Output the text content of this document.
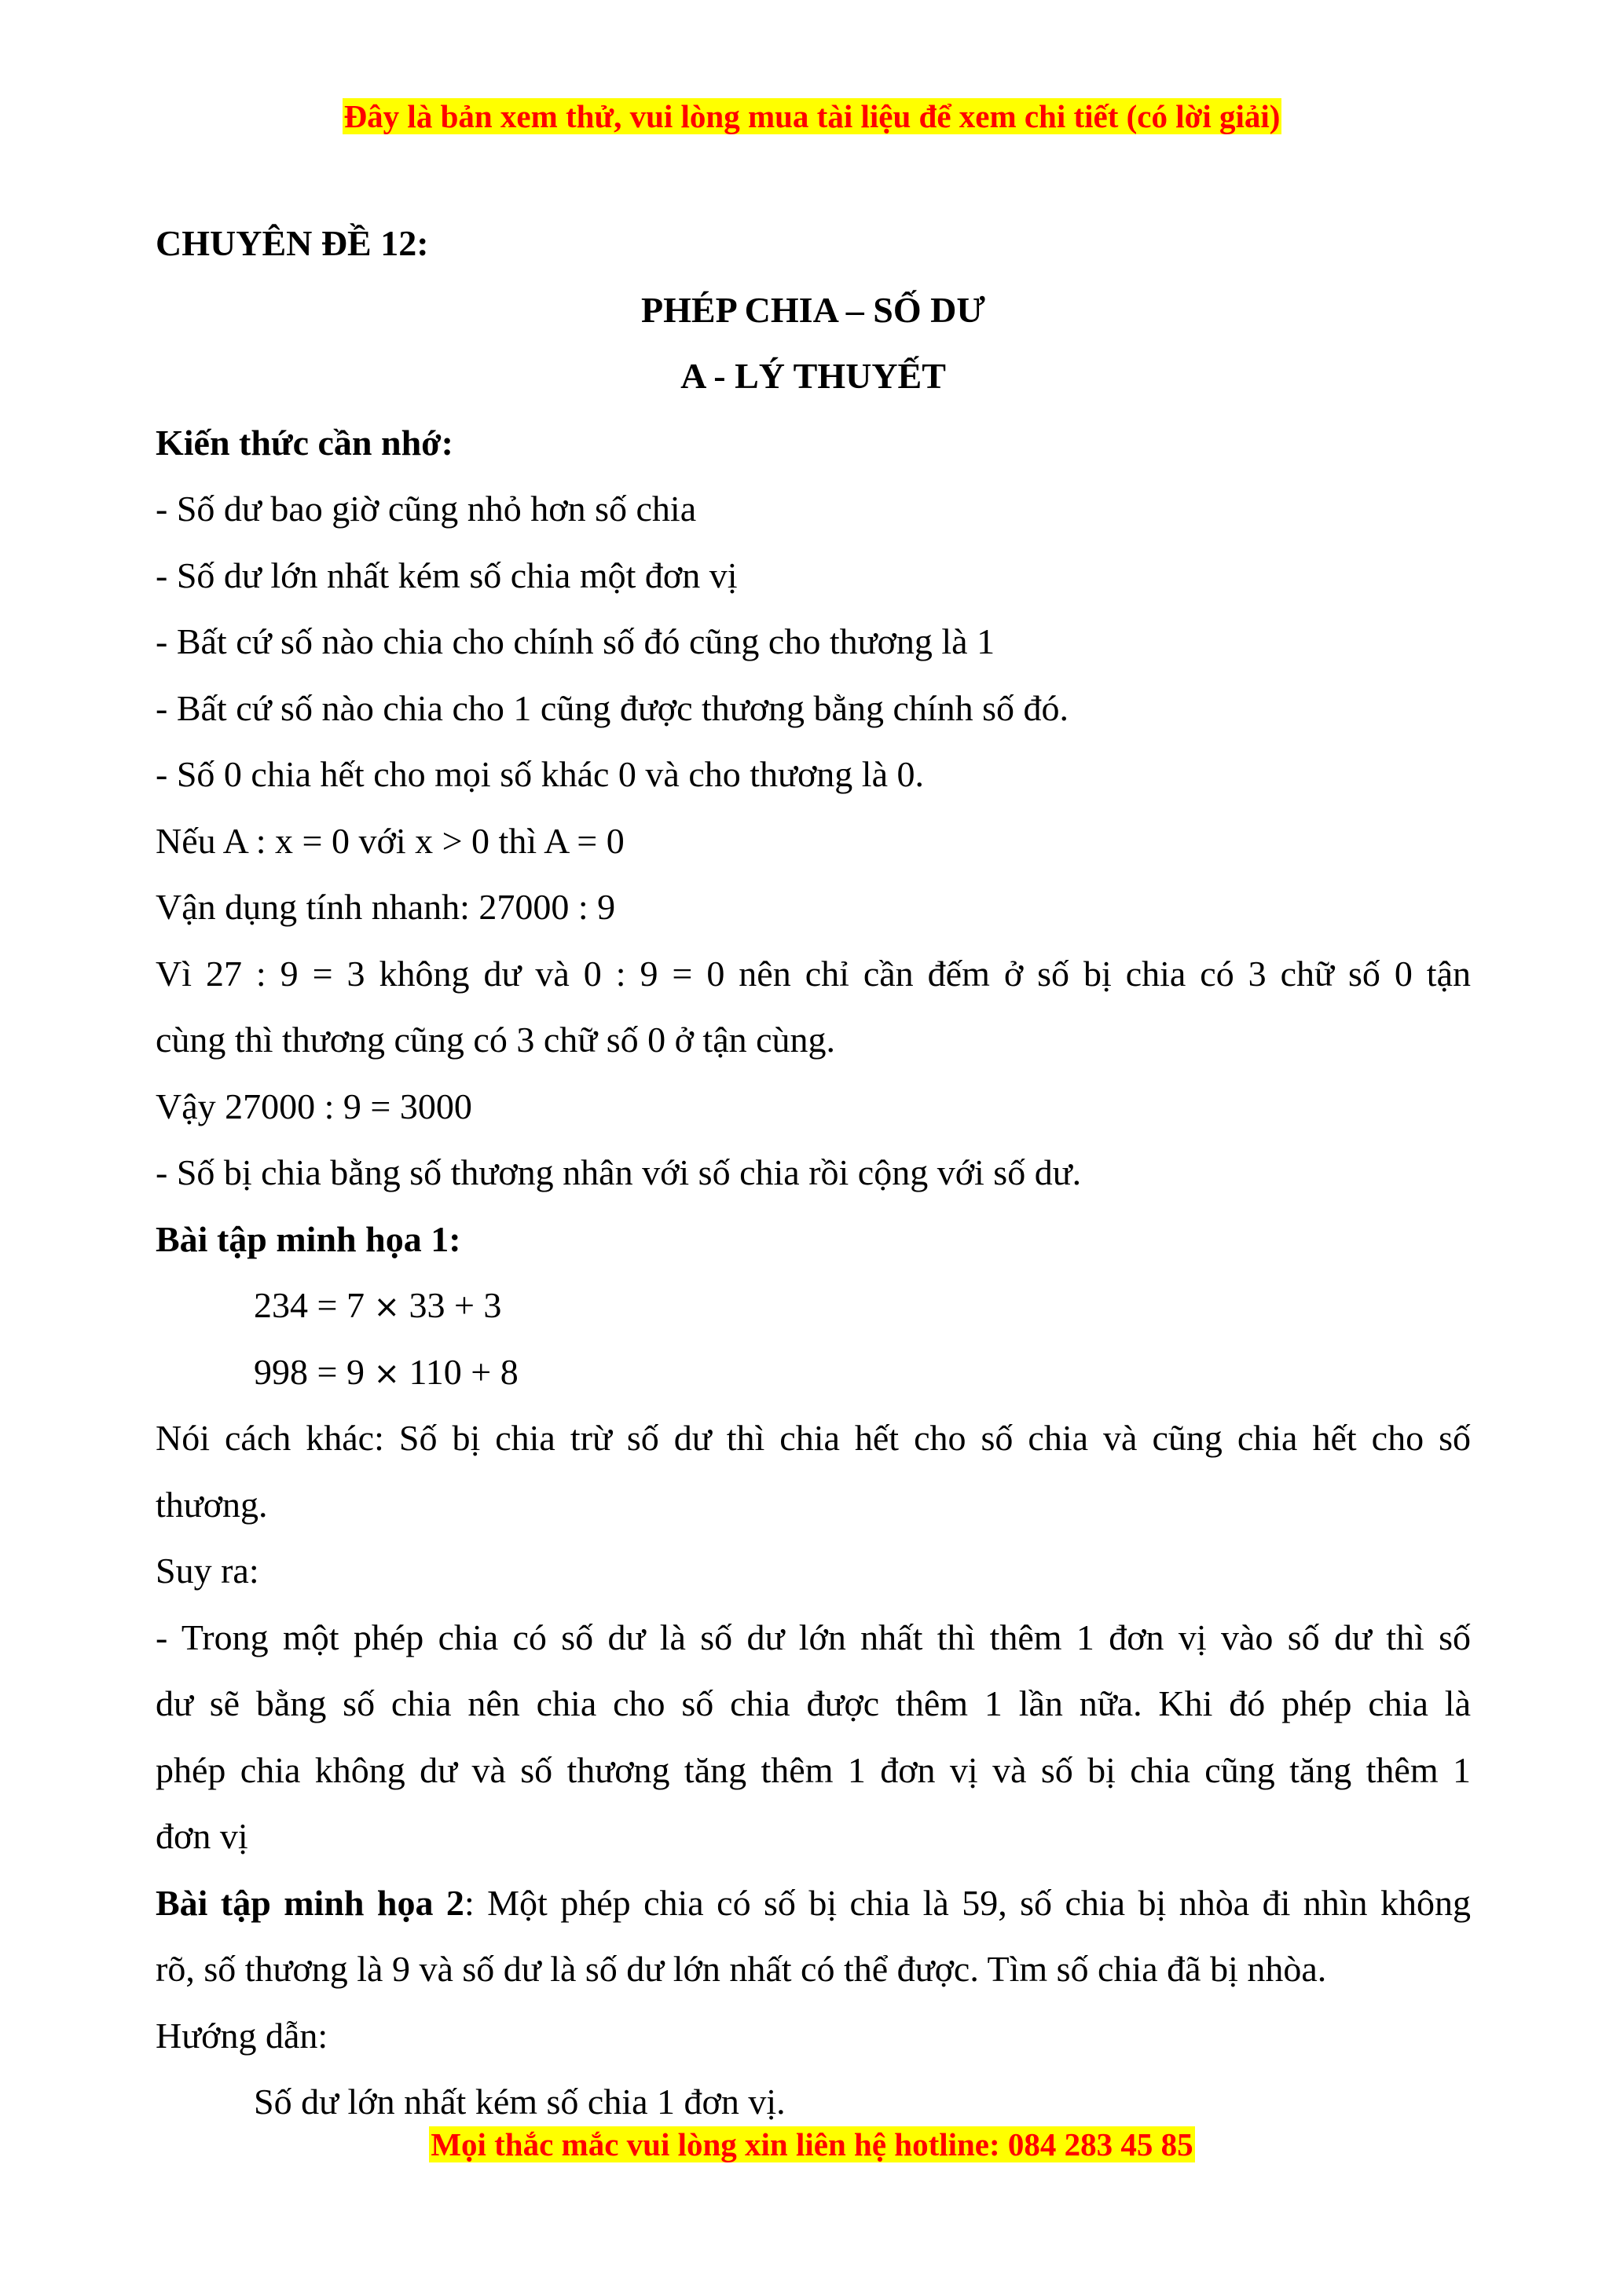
Đây là bản xem thử, vui lòng mua tài liệu để xem chi tiết (có lời giải)
CHUYÊN ĐỀ 12:
PHÉP CHIA – SỐ DƯ
A - LÝ THUYẾT
Kiến thức cần nhớ:
- Số dư bao giờ cũng nhỏ hơn số chia
- Số dư lớn nhất kém số chia một đơn vị
- Bất cứ số nào chia cho chính số đó cũng cho thương là 1
- Bất cứ số nào chia cho 1 cũng được thương bằng chính số đó.
- Số 0 chia hết cho mọi số khác 0 và cho thương là 0.
Nếu A : x = 0 với x > 0 thì A = 0
Vận dụng tính nhanh: 27000 : 9
Vì 27 : 9 = 3 không dư và 0 : 9 = 0 nên chỉ cần đếm ở số bị chia có 3 chữ số 0 tận
cùng thì thương cũng có 3 chữ số 0 ở tận cùng.
Vậy 27000 : 9 = 3000
- Số bị chia bằng số thương nhân với số chia rồi cộng với số dư.
Bài tập minh họa 1:
234 = 7 × 33 + 3
998 = 9 × 110 + 8
Nói cách khác: Số bị chia trừ số dư thì chia hết cho số chia và cũng chia hết cho số
thương.
Suy ra:
- Trong một phép chia có số dư là số dư lớn nhất thì thêm 1 đơn vị vào số dư thì số
dư sẽ bằng số chia nên chia cho số chia được thêm 1 lần nữa. Khi đó phép chia là
phép chia không dư và số thương tăng thêm 1 đơn vị và số bị chia cũng tăng thêm 1
đơn vị
Bài tập minh họa 2: Một phép chia có số bị chia là 59, số chia bị nhòa đi nhìn không
rõ, số thương là 9 và số dư là số dư lớn nhất có thể được. Tìm số chia đã bị nhòa.
Hướng dẫn:
Số dư lớn nhất kém số chia 1 đơn vị.
Mọi thắc mắc vui lòng xin liên hệ hotline: 084 283 45 85
